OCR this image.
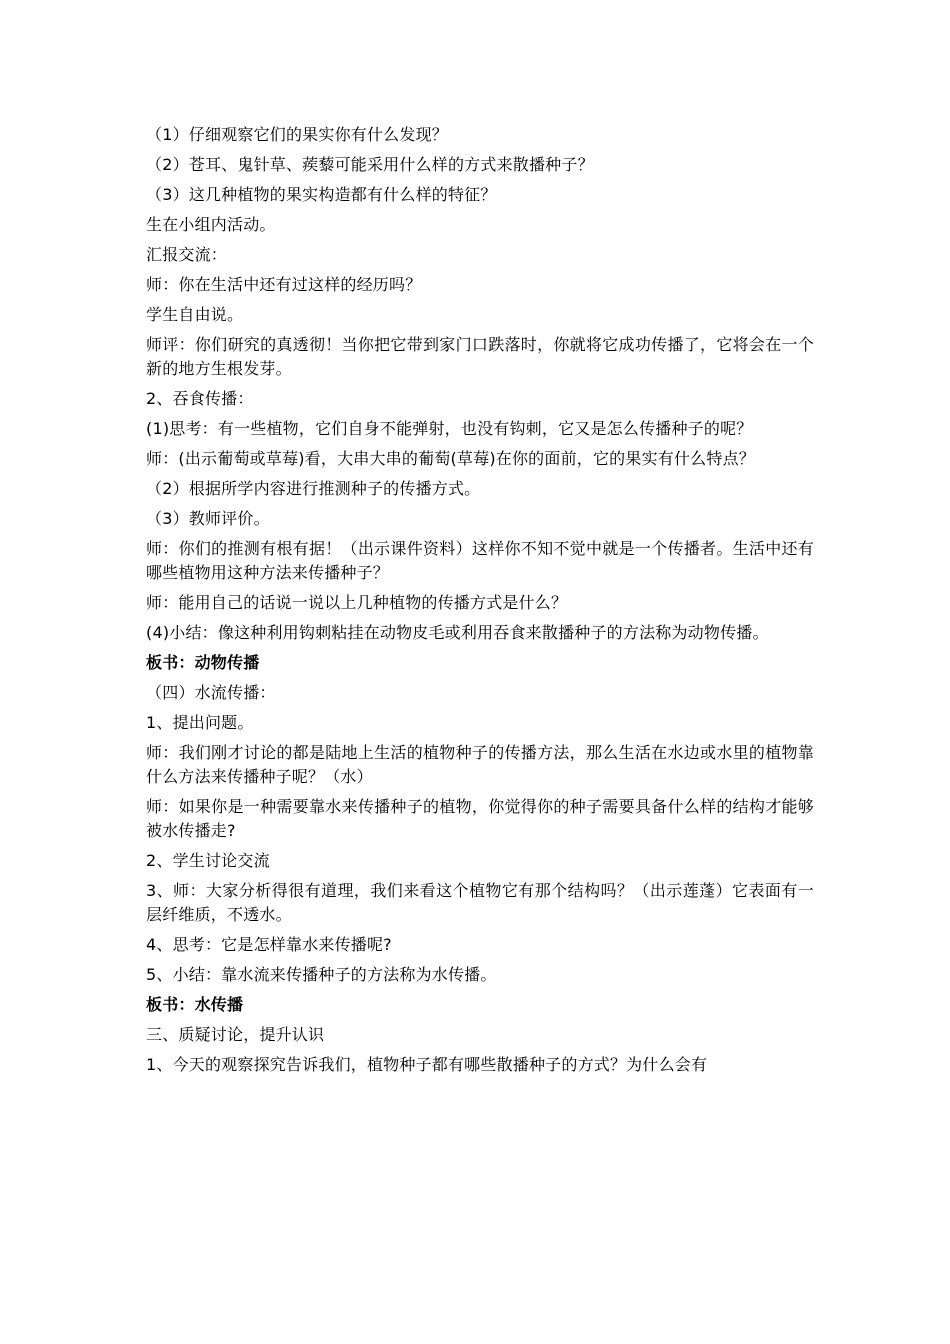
（1）仔细观察它们的果实你有什么发现？

（2）苍耳、鬼针草、蒺藜可能采用什么样的方式来散播种子？

（3）这几种植物的果实构造都有什么样的特征？

生在小组内活动。

汇报交流：

师：你在生活中还有过这样的经历吗？

学生自由说。

师评：你们研究的真透彻！当你把它带到家门口跌落时，你就将它成功传播了，它将会在一个新的地方生根发芽。

2、吞食传播：

(1)思考：有一些植物，它们自身不能弹射，也没有钩刺，它又是怎么传播种子的呢？

师：(出示葡萄或草莓)看，大串大串的葡萄(草莓)在你的面前，它的果实有什么特点？

（2）根据所学内容进行推测种子的传播方式。

（3）教师评价。

师：你们的推测有根有据！（出示课件资料）这样你不知不觉中就是一个传播者。生活中还有哪些植物用这种方法来传播种子？

师：能用自己的话说一说以上几种植物的传播方式是什么？

(4)小结：像这种利用钩刺粘挂在动物皮毛或利用吞食来散播种子的方法称为动物传播。

板书：动物传播

（四）水流传播：

1、提出问题。

师：我们刚才讨论的都是陆地上生活的植物种子的传播方法，那么生活在水边或水里的植物靠什么方法来传播种子呢？（水）

师：如果你是一种需要靠水来传播种子的植物，你觉得你的种子需要具备什么样的结构才能够被水传播走?

2、学生讨论交流

3、师：大家分析得很有道理，我们来看这个植物它有那个结构吗？（出示莲蓬）它表面有一层纤维质，不透水。

4、思考：它是怎样靠水来传播呢?

5、小结：靠水流来传播种子的方法称为水传播。

板书：水传播

三、质疑讨论，提升认识

1、今天的观察探究告诉我们，植物种子都有哪些散播种子的方式？为什么会有
